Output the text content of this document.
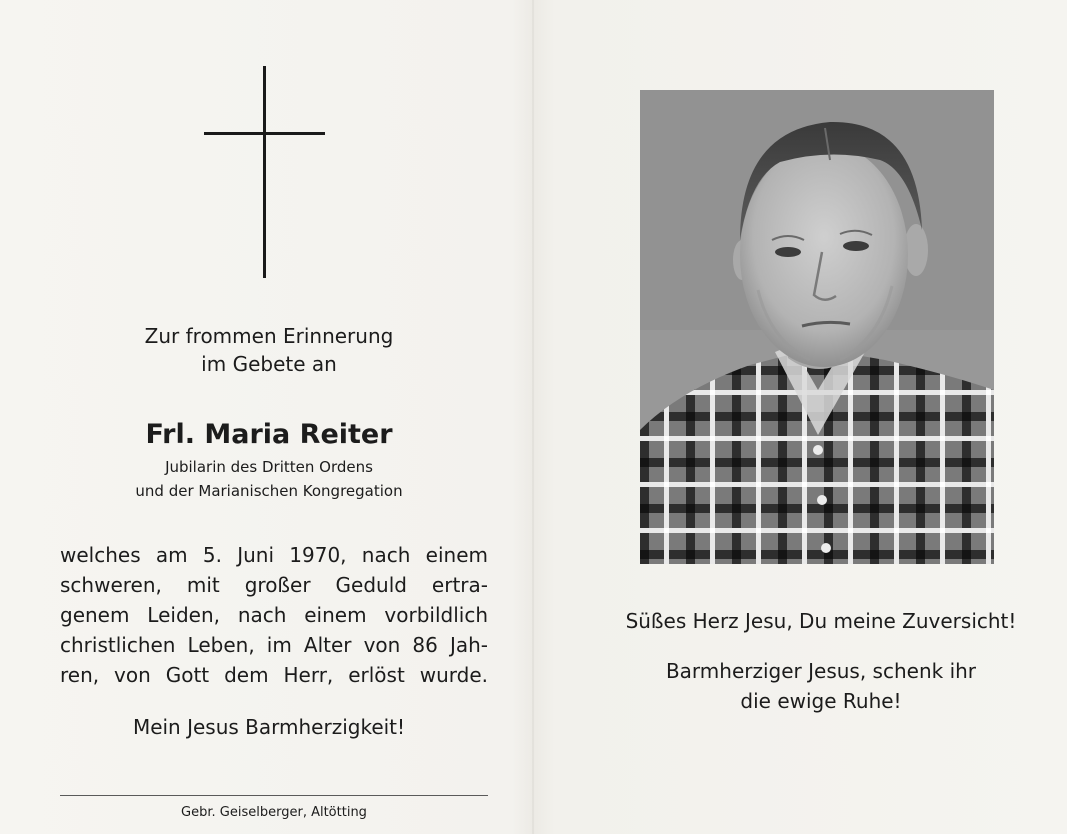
Zur frommen Erinnerung
im Gebete an
Frl. Maria Reiter
Jubilarin des Dritten Ordens
und der Marianischen Kongregation
welches am 5. Juni 1970, nach einem
schweren, mit großer Geduld ertra-
genem Leiden, nach einem vorbildlich
christlichen Leben, im Alter von 86 Jah-
ren, von Gott dem Herr, erlöst wurde.
Mein Jesus Barmherzigkeit!
Gebr. Geiselberger, Altötting
Süßes Herz Jesu, Du meine Zuversicht!
Barmherziger Jesus, schenk ihr
die ewige Ruhe!
